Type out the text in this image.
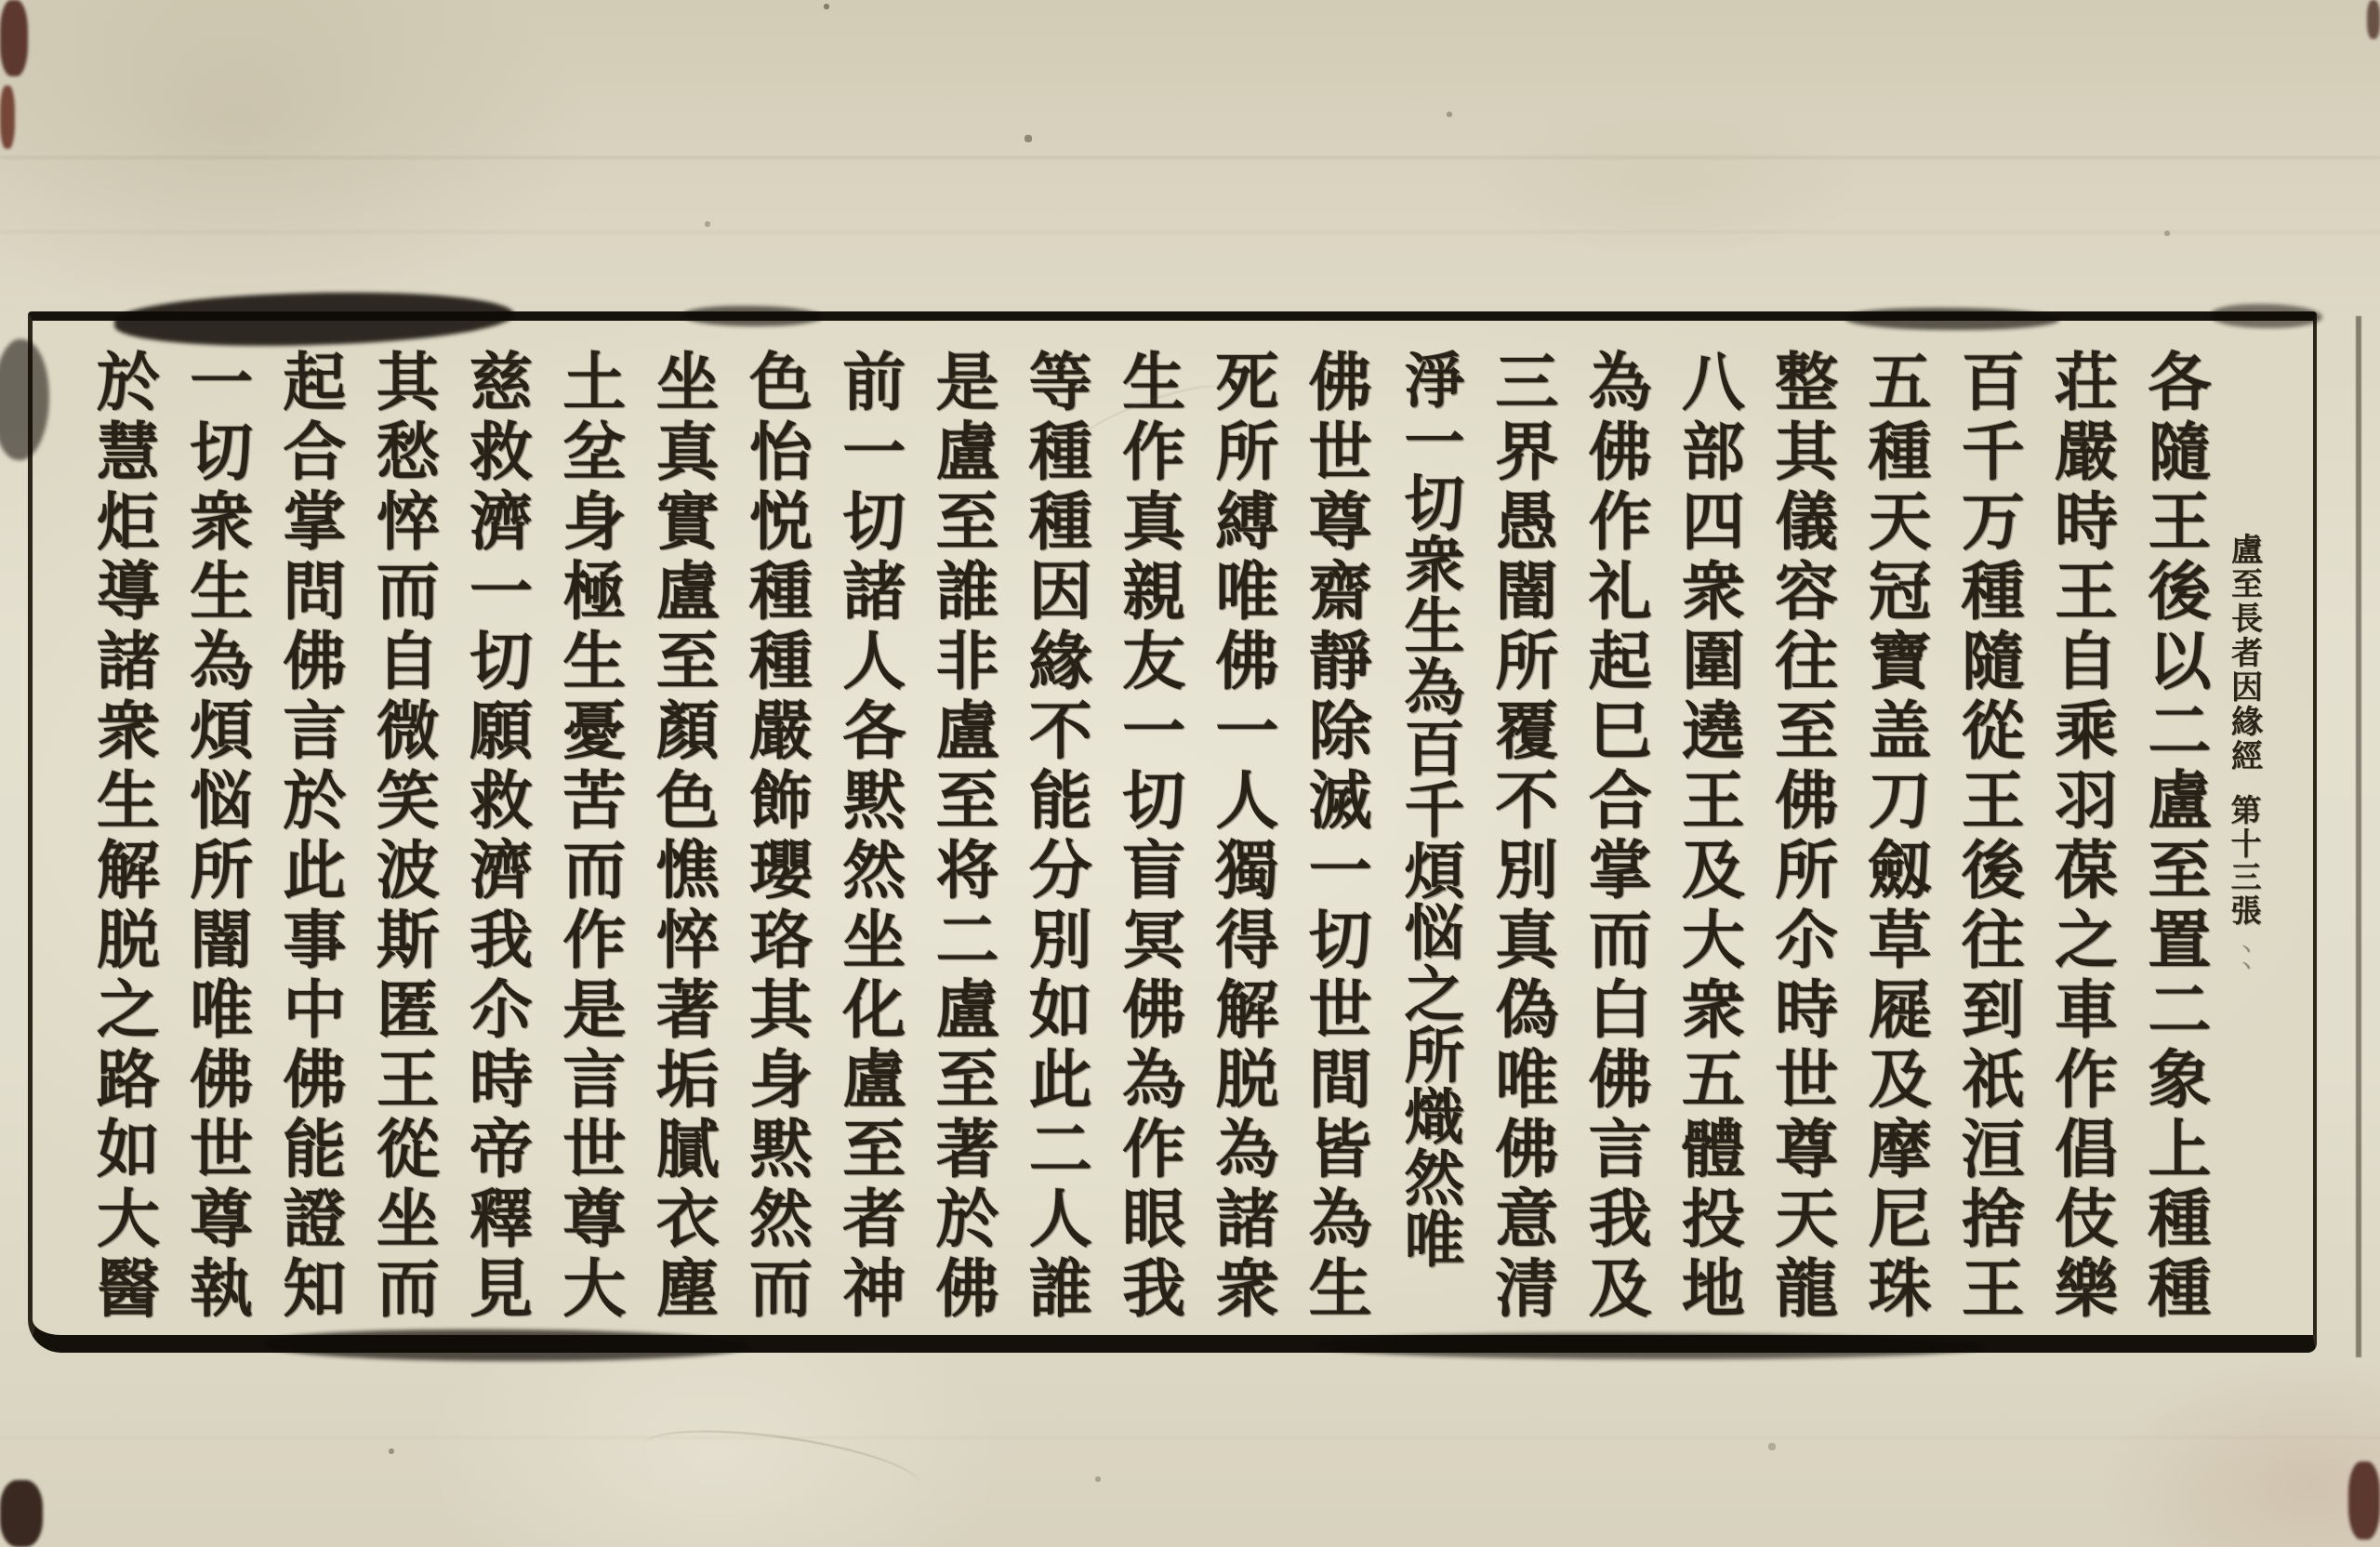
各隨王後以二盧至置二象上種種
荘嚴時王自乘羽葆之車作倡伎樂
百千万種隨從王後往到祇洹捨王
五種天冠寶盖刀劔草屣及摩尼珠
整其儀容往至佛所尒時世尊天龍
八部四衆圍遶王及大衆五體投地
為佛作礼起巳合掌而白佛言我及
三界愚闇所覆不別真偽唯佛意清
淨一切衆生為百千煩悩之所熾然唯
佛世尊齋靜除滅一切世間皆為生
死所縛唯佛一人獨得解脱為諸衆
生作真親友一切盲冥佛為作眼我
等種種因緣不能分別如此二人誰
是盧至誰非盧至将二盧至著於佛
前一切諸人各黙然坐化盧至者神
色怡悦種種嚴飾瓔珞其身黙然而
坐真實盧至顏色憔悴著垢膩衣塵
土坌身極生憂苦而作是言世尊大
慈救濟一切願救濟我尒時帝釋見
其愁悴而自微笑波斯匿王從坐而
起合掌問佛言於此事中佛能證知
一切衆生為煩悩所闇唯佛世尊執
於慧炬導諸衆生解脱之路如大醫	盧至長者因緣經
第十三張
丶丶
